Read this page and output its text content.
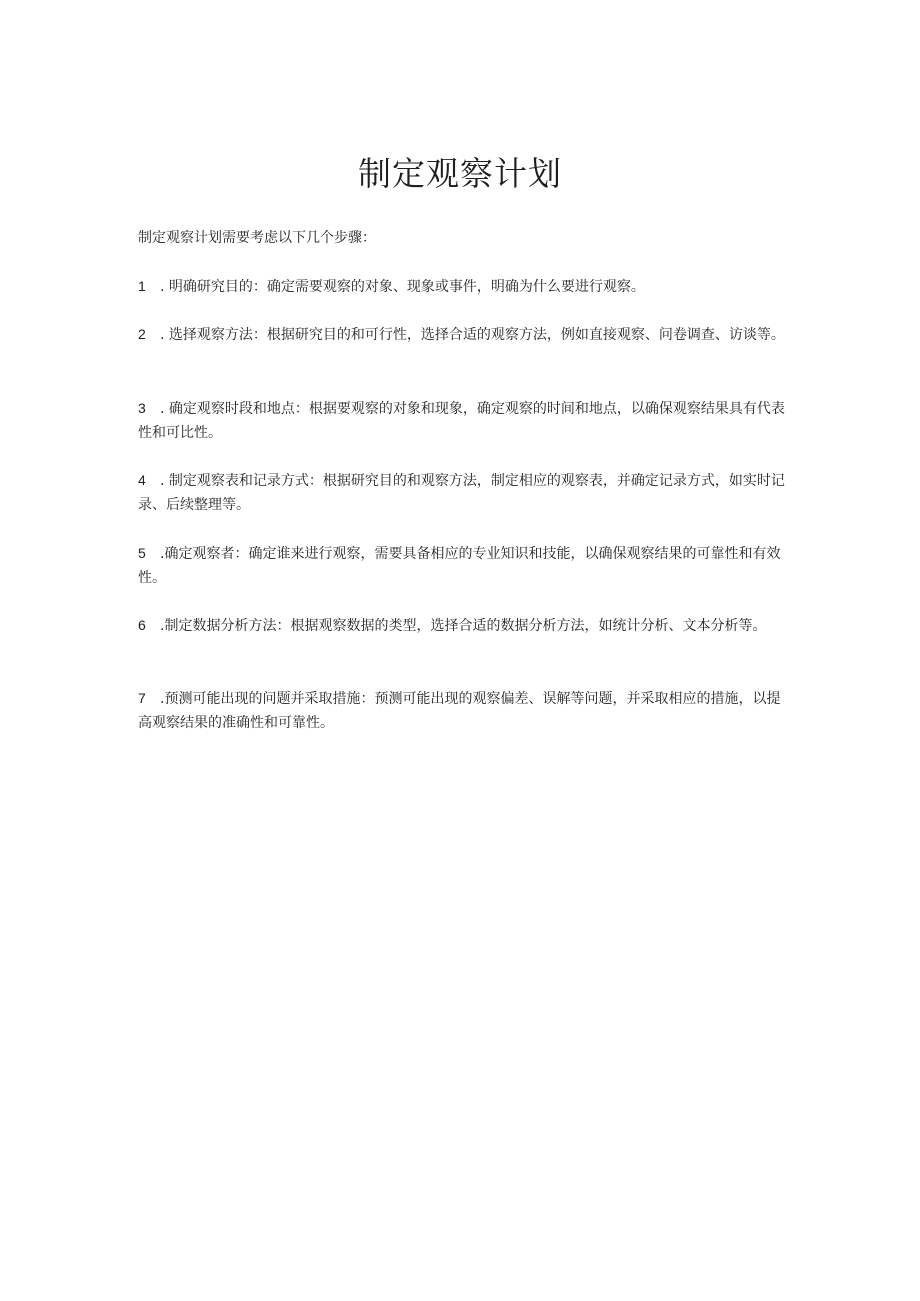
制定观察计划

制定观察计划需要考虑以下几个步骤：

1 . 明确研究目的：确定需要观察的对象、现象或事件，明确为什么要进行观察。

2 . 选择观察方法：根据研究目的和可行性，选择合适的观察方法，例如直接观察、问卷调查、访谈等。

3 . 确定观察时段和地点：根据要观察的对象和现象，确定观察的时间和地点，以确保观察结果具有代表性和可比性。

4 . 制定观察表和记录方式：根据研究目的和观察方法，制定相应的观察表，并确定记录方式，如实时记录、后续整理等。

5 .确定观察者：确定谁来进行观察，需要具备相应的专业知识和技能，以确保观察结果的可靠性和有效性。

6 .制定数据分析方法：根据观察数据的类型，选择合适的数据分析方法，如统计分析、文本分析等。

7 .预测可能出现的问题并采取措施：预测可能出现的观察偏差、误解等问题，并采取相应的措施，以提高观察结果的准确性和可靠性。
